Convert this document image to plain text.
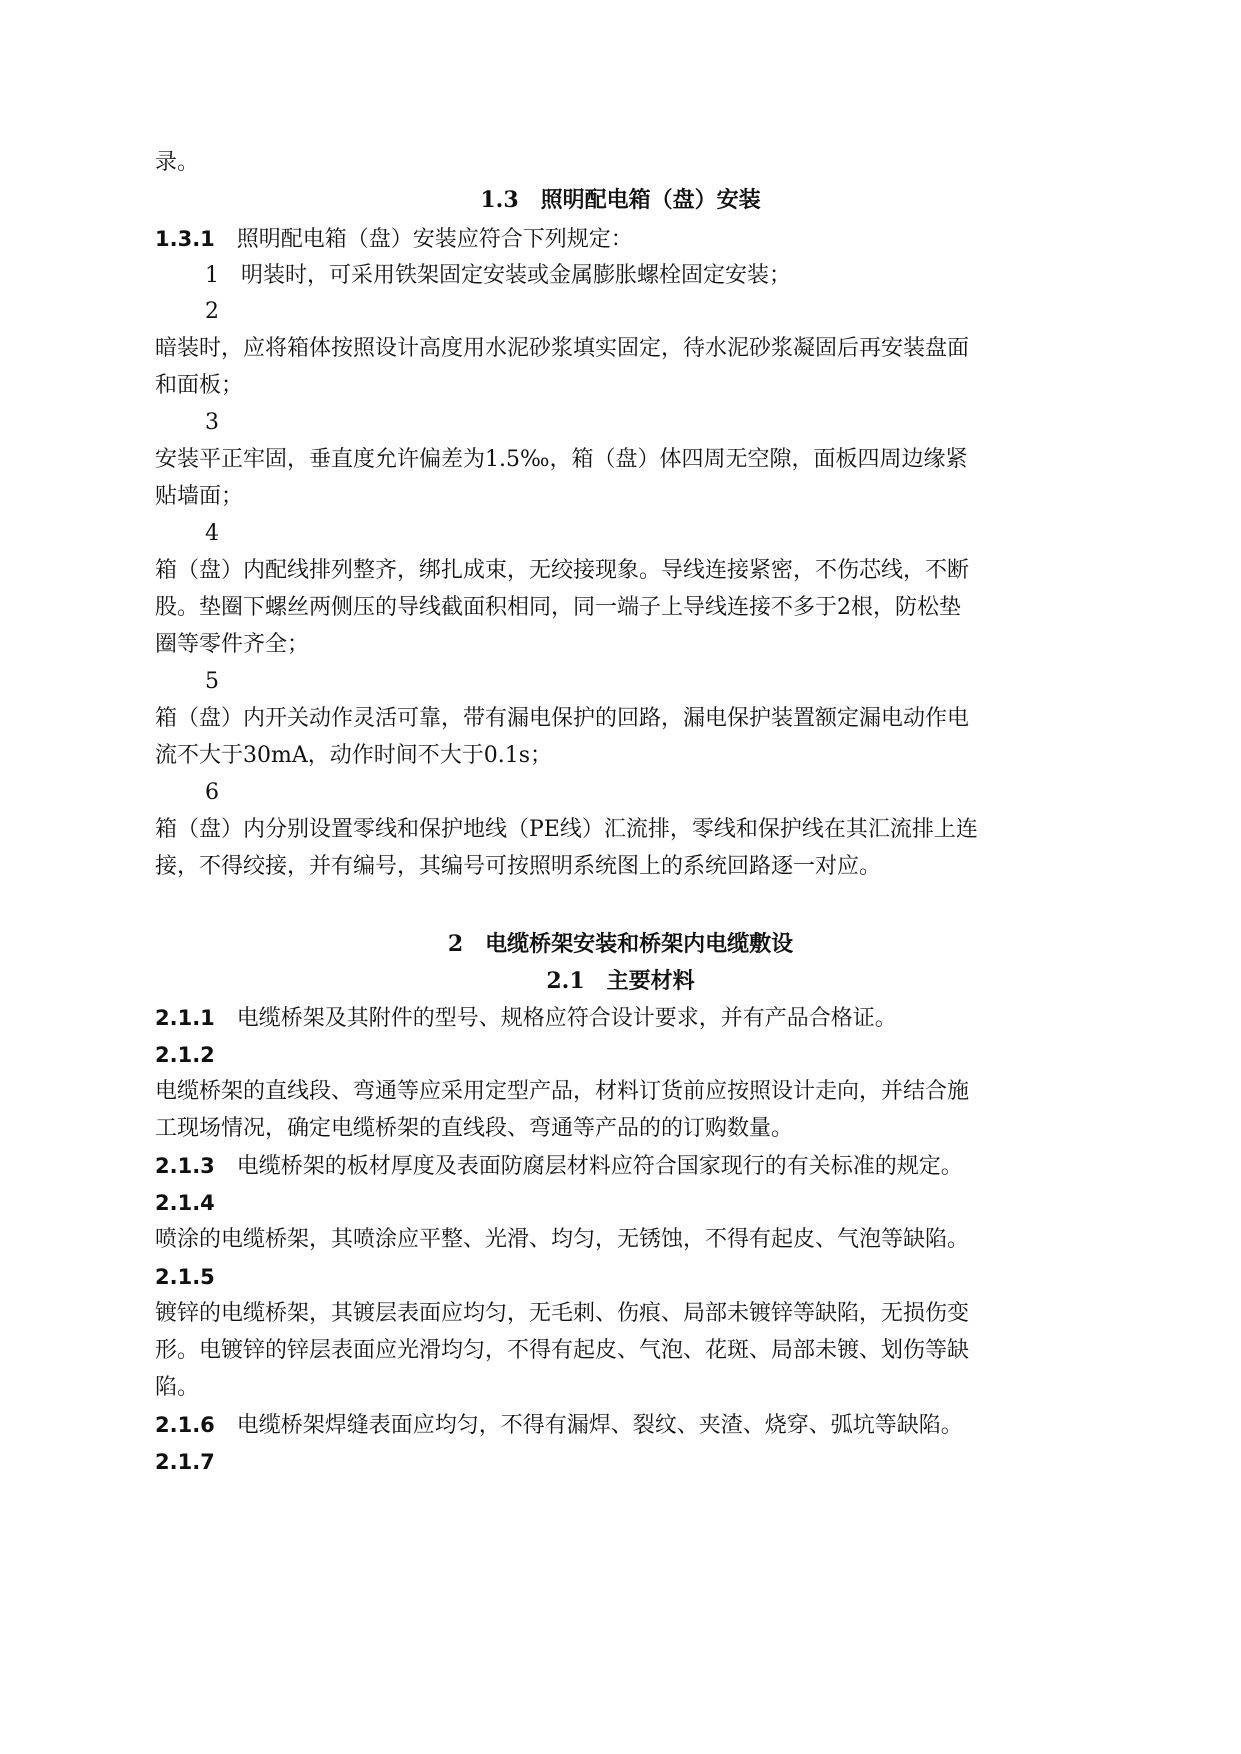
录。
1.3　照明配电箱（盘）安装
1.3.1 照明配电箱（盘）安装应符合下列规定：
1 明装时，可采用铁架固定安装或金属膨胀螺栓固定安装；
2
暗装时，应将箱体按照设计高度用水泥砂浆填实固定，待水泥砂浆凝固后再安装盘面
和面板；
3
安装平正牢固，垂直度允许偏差为1.5‰，箱（盘）体四周无空隙，面板四周边缘紧
贴墙面；
4
箱（盘）内配线排列整齐，绑扎成束，无绞接现象。导线连接紧密，不伤芯线，不断
股。垫圈下螺丝两侧压的导线截面积相同，同一端子上导线连接不多于2根，防松垫
圈等零件齐全；
5
箱（盘）内开关动作灵活可靠，带有漏电保护的回路，漏电保护装置额定漏电动作电
流不大于30mA，动作时间不大于0.1s；
6
箱（盘）内分别设置零线和保护地线（PE线）汇流排，零线和保护线在其汇流排上连
接，不得绞接，并有编号，其编号可按照明系统图上的系统回路逐一对应。
2　电缆桥架安装和桥架内电缆敷设
2.1　主要材料
2.1.1 电缆桥架及其附件的型号、规格应符合设计要求，并有产品合格证。
2.1.2
电缆桥架的直线段、弯通等应采用定型产品，材料订货前应按照设计走向，并结合施
工现场情况，确定电缆桥架的直线段、弯通等产品的的订购数量。
2.1.3 电缆桥架的板材厚度及表面防腐层材料应符合国家现行的有关标准的规定。
2.1.4
喷涂的电缆桥架，其喷涂应平整、光滑、均匀，无锈蚀，不得有起皮、气泡等缺陷。
2.1.5
镀锌的电缆桥架，其镀层表面应均匀，无毛刺、伤痕、局部未镀锌等缺陷，无损伤变
形。电镀锌的锌层表面应光滑均匀，不得有起皮、气泡、花斑、局部未镀、划伤等缺
陷。
2.1.6 电缆桥架焊缝表面应均匀，不得有漏焊、裂纹、夹渣、烧穿、弧坑等缺陷。
2.1.7
